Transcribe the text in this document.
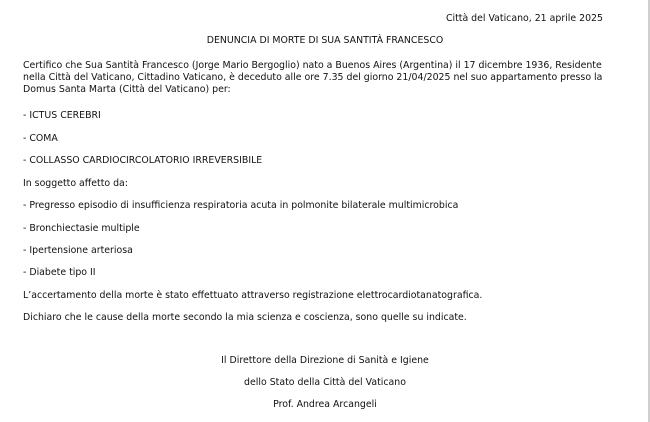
Città del Vaticano, 21 aprile 2025
DENUNCIA DI MORTE DI SUA SANTITÀ FRANCESCO
Certifico che Sua Santità Francesco (Jorge Mario Bergoglio) nato a Buenos Aires (Argentina) il 17 dicembre 1936, Residente nella Città del Vaticano, Cittadino Vaticano, è deceduto alle ore 7.35 del giorno 21/04/2025 nel suo appartamento presso la Domus Santa Marta (Città del Vaticano) per:
- ICTUS CEREBRI
- COMA
- COLLASSO CARDIOCIRCOLATORIO IRREVERSIBILE
In soggetto affetto da:
- Pregresso episodio di insufficienza respiratoria acuta in polmonite bilaterale multimicrobica
- Bronchiectasie multiple
- Ipertensione arteriosa
- Diabete tipo II
L’accertamento della morte è stato effettuato attraverso registrazione elettrocardiotanatografica.
Dichiaro che le cause della morte secondo la mia scienza e coscienza, sono quelle su indicate.
Il Direttore della Direzione di Sanità e Igiene
dello Stato della Città del Vaticano
Prof. Andrea Arcangeli
